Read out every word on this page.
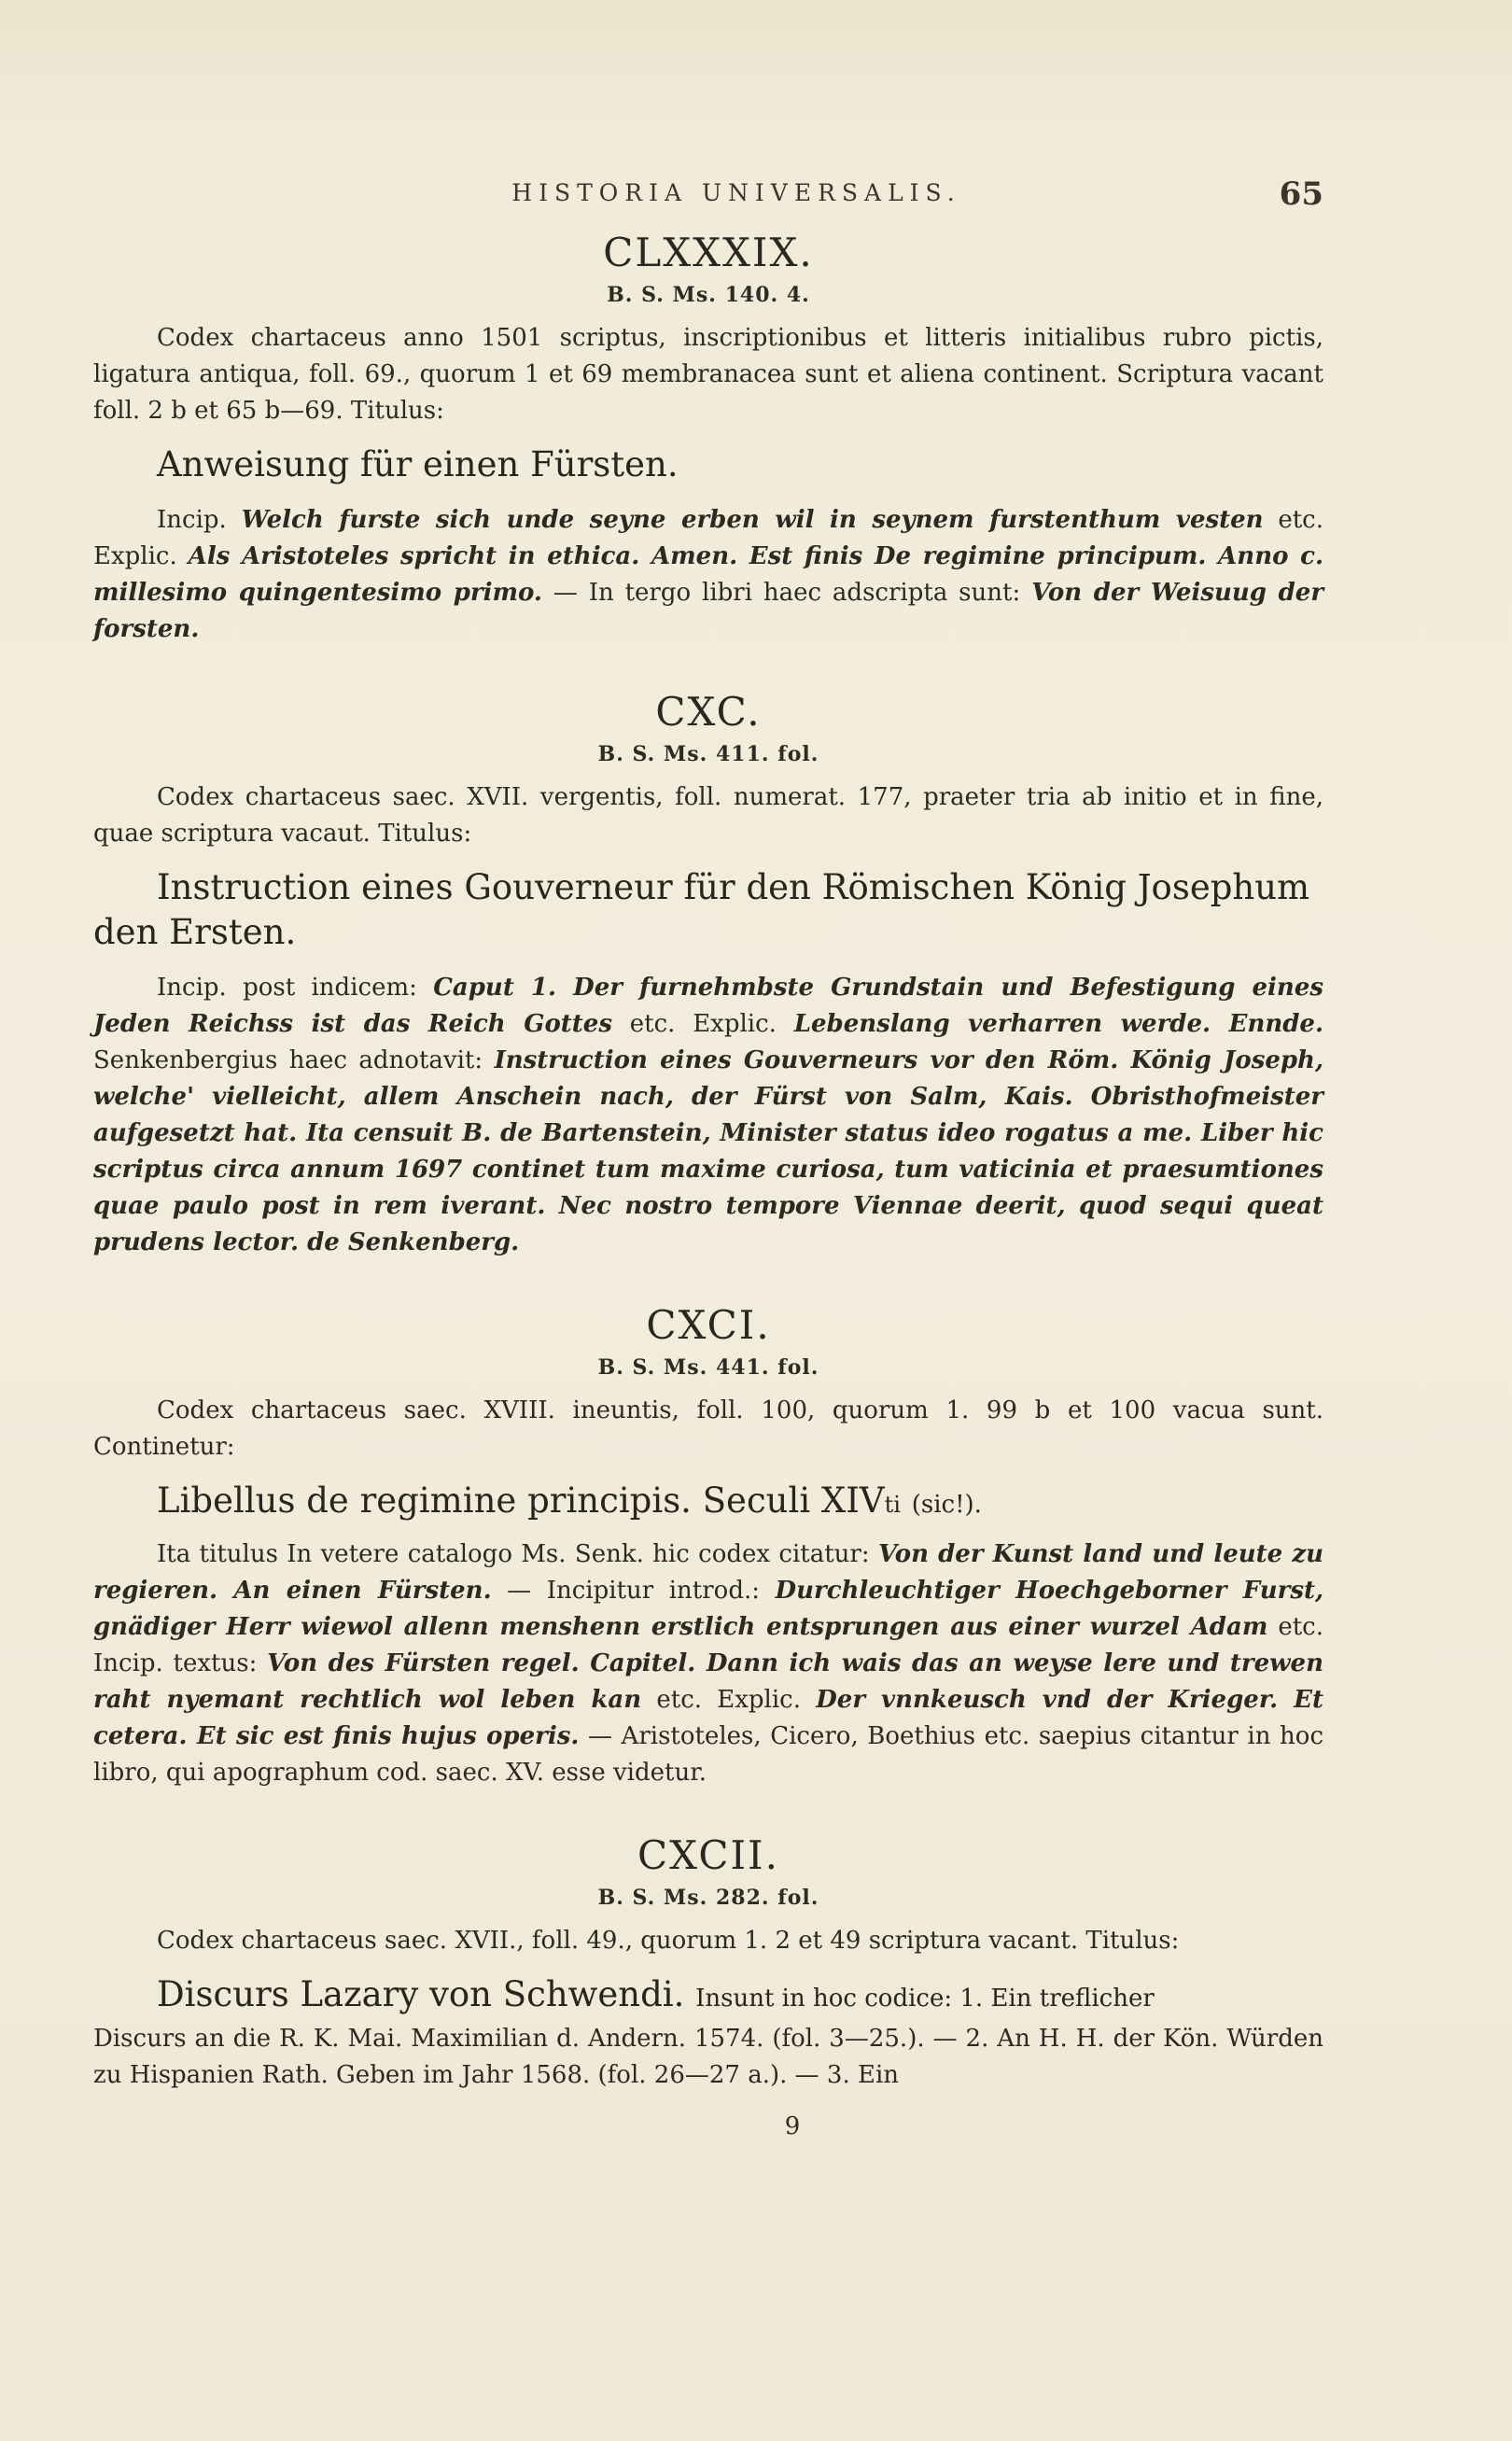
HISTORIA UNIVERSALIS.	65
CLXXXIX.
B. S. Ms. 140. 4.

Codex chartaceus anno 1501 scriptus, inscriptionibus et litteris initialibus rubro pictis, ligatura antiqua, foll. 69., quorum 1 et 69 membranacea sunt et aliena continent. Scriptura vacant foll. 2 b et 65 b—69. Titulus:

Anweisung für einen Fürsten.

Incip. Welch furste sich unde seyne erben wil in seynem furstenthum vesten etc. Explic. Als Aristoteles spricht in ethica. Amen. Est finis De regimine principum. Anno c. millesimo quingentesimo primo. — In tergo libri haec adscripta sunt: Von der Weisuug der forsten.

CXC.
B. S. Ms. 411. fol.

Codex chartaceus saec. XVII. vergentis, foll. numerat. 177, praeter tria ab initio et in fine, quae scriptura vacaut. Titulus:

Instruction eines Gouverneur für den Römischen König Josephum den Ersten.

Incip. post indicem: Caput 1. Der furnehmbste Grundstain und Befestigung eines Jeden Reichss ist das Reich Gottes etc. Explic. Lebenslang verharren werde. Ennde. Senkenbergius haec adnotavit: Instruction eines Gouverneurs vor den Röm. König Joseph, welche' vielleicht, allem Anschein nach, der Fürst von Salm, Kais. Obristhofmeister aufgesetzt hat. Ita censuit B. de Bartenstein, Minister status ideo rogatus a me. Liber hic scriptus circa annum 1697 continet tum maxime curiosa, tum vaticinia et praesumtiones quae paulo post in rem iverant. Nec nostro tempore Viennae deerit, quod sequi queat prudens lector. de Senkenberg.

CXCI.
B. S. Ms. 441. fol.

Codex chartaceus saec. XVIII. ineuntis, foll. 100, quorum 1. 99 b et 100 vacua sunt. Continetur:

Libellus de regimine principis. Seculi XIVti (sic!).

Ita titulus In vetere catalogo Ms. Senk. hic codex citatur: Von der Kunst land und leute zu regieren. An einen Fürsten. — Incipitur introd.: Durchleuchtiger Hoechgeborner Furst, gnädiger Herr wiewol allenn menshenn erstlich entsprungen aus einer wurzel Adam etc. Incip. textus: Von des Fürsten regel. Capitel. Dann ich wais das an weyse lere und trewen raht nyemant rechtlich wol leben kan etc. Explic. Der vnnkeusch vnd der Krieger. Et cetera. Et sic est finis hujus operis. — Aristoteles, Cicero, Boethius etc. saepius citantur in hoc libro, qui apographum cod. saec. XV. esse videtur.

CXCII.
B. S. Ms. 282. fol.

Codex chartaceus saec. XVII., foll. 49., quorum 1. 2 et 49 scriptura vacant. Titulus:

Discurs Lazary von Schwendi. Insunt in hoc codice: 1. Ein treflicher

Discurs an die R. K. Mai. Maximilian d. Andern. 1574. (fol. 3—25.). — 2. An H. H. der Kön. Würden zu Hispanien Rath. Geben im Jahr 1568. (fol. 26—27 a.). — 3. Ein

9
